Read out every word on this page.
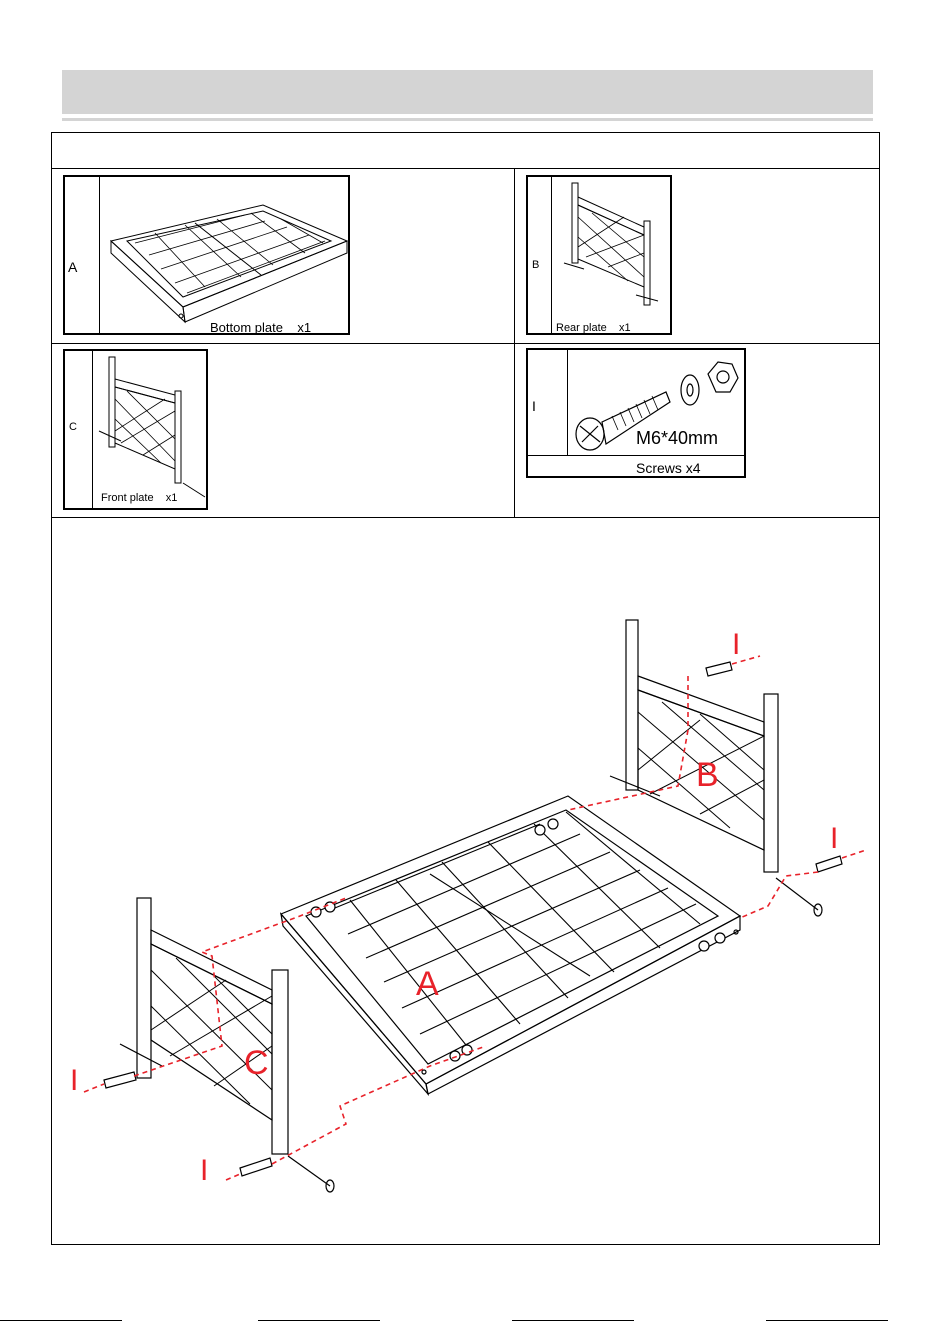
A
Bottom plate    x1
B
Rear plate    x1
C
Front plate    x1
I
M6*40mm
Screws x4
A
B
C
I
I
I
I
